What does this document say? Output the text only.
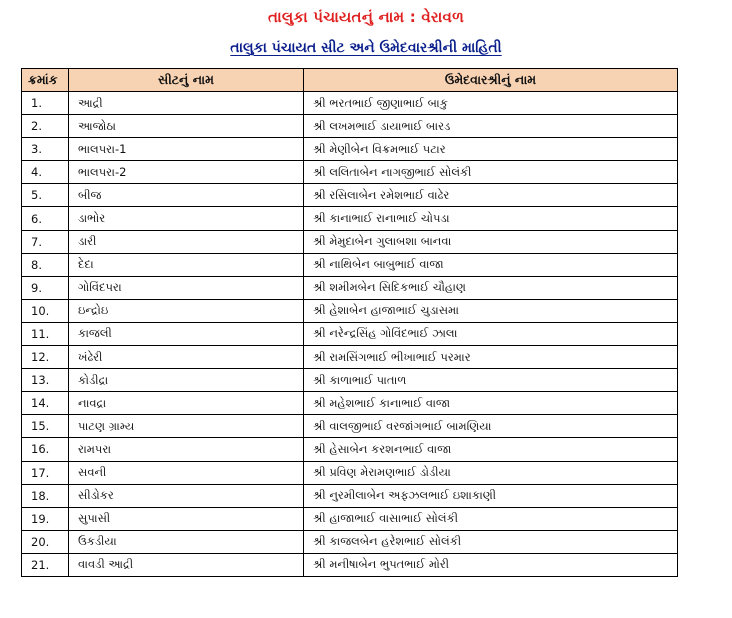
તાલુકા પંચાયતનું નામ : વેરાવળ
તાલુકા પંચાયત સીટ અને ઉમેદવારશ્રીની માહિતી
ક્રમાંક	સીટનું નામ	ઉમેદવારશ્રીનું નામ
1.	આદ્રી	શ્રી ભરતભાઈ જીણાભાઈ બાકુ
2.	આજોઠા	શ્રી લખમભાઈ ડાયાભાઈ બારડ
3.	ભાલપરા-1	શ્રી મેણીબેન વિક્રમભાઈ પટાર
4.	ભાલપરા-2	શ્રી લલિતાબેન નાગજીભાઈ સોલંકી
5.	બીજ	શ્રી રસિલાબેન રમેશભાઈ વાઢેર
6.	ડાભોર	શ્રી કાનાભાઈ રાનાભાઈ ચોપડા
7.	ડારી	શ્રી મેમુદાબેન ગુલાબશા બાનવા
8.	દેદા	શ્રી નાથિબેન બાબુભાઈ વાજા
9.	ગોવિંદપરા	શ્રી શમીમબેન સિદિકભાઈ ચૌહાણ
10.	ઇન્દ્રોઇ	શ્રી હેશાબેન હાજાભાઈ ચુડાસમા
11.	કાજલી	શ્રી નરેન્દ્રસિંહ ગોવિંદભાઈ ઝાલા
12.	ખંઢેરી	શ્રી રામસિંગભાઈ ભીખાભાઈ પરમાર
13.	કોડીદ્રા	શ્રી કાળાભાઈ પાતાળ
14.	નાવદ્રા	શ્રી મહેશભાઈ કાનાભાઈ વાજા
15.	પાટણ ગ્રામ્ય	શ્રી વાલજીભાઈ વરજાંગભાઈ બામણિયા
16.	રામપરા	શ્રી હેસાબેન કરશનભાઈ વાજા
17.	સવની	શ્રી પ્રવિણ મેરામણભાઈ ડોડીયા
18.	સીડોકર	શ્રી નુરમીલાબેન અફઝલભાઈ ઇશાકાણી
19.	સુપાસી	શ્રી હાજાભાઈ વાસાભાઈ સોલંકી
20.	ઉકડીયા	શ્રી કાજલબેન હરેશભાઈ સોલંકી
21.	વાવડી આદ્રી	શ્રી મનીષાબેન ભુપતભાઈ મોરી
